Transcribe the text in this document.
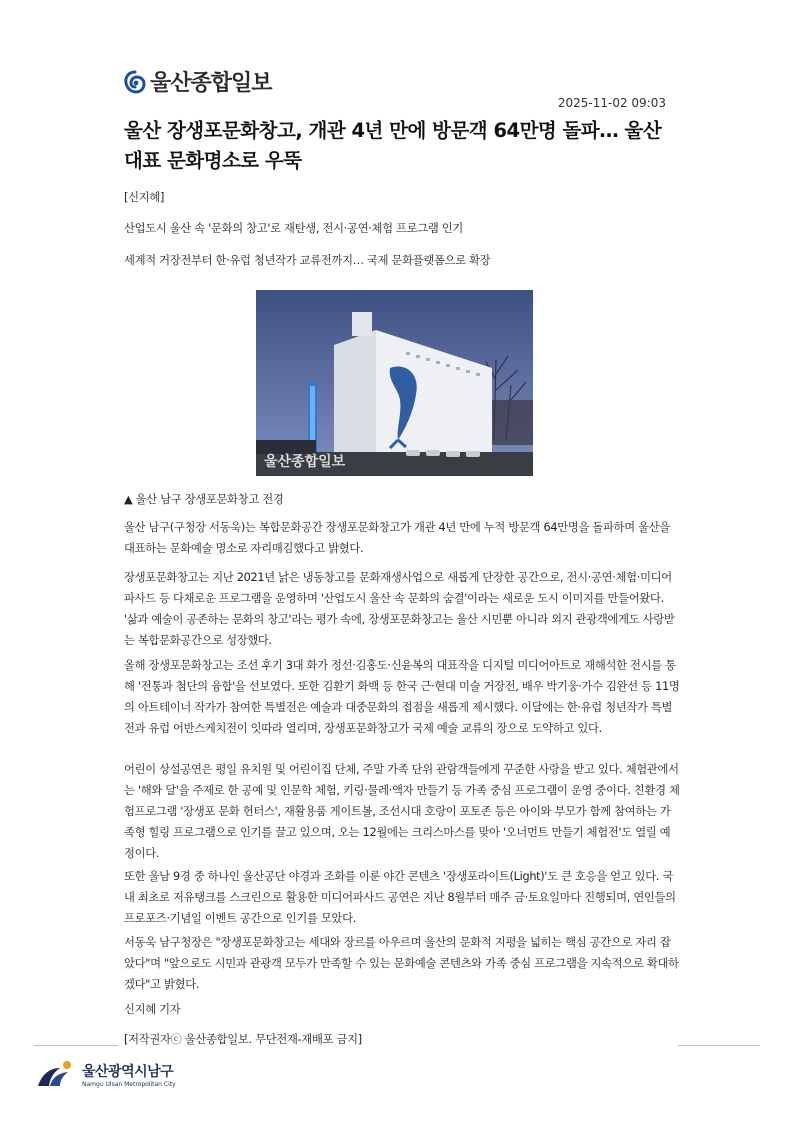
울산종합일보
2025-11-02 09:03
울산 장생포문화창고, 개관 4년 만에 방문객 64만명 돌파… 울산 대표 문화명소로 우뚝

[신지혜]

산업도시 울산 속 '문화의 창고'로 재탄생, 전시·공연·체험 프로그램 인기

세계적 거장전부터 한·유럽 청년작가 교류전까지… 국제 문화플랫폼으로 확장

울산종합일보

▲ 울산 남구 장생포문화창고 전경

울산 남구(구청장 서동욱)는 복합문화공간 장생포문화창고가 개관 4년 만에 누적 방문객 64만명을 돌파하며 울산을 대표하는 문화예술 명소로 자리매김했다고 밝혔다.

장생포문화창고는 지난 2021년 낡은 냉동창고를 문화재생사업으로 새롭게 단장한 공간으로, 전시·공연·체험·미디어파사드 등 다채로운 프로그램을 운영하며 '산업도시 울산 속 문화의 숨결'이라는 새로운 도시 이미지를 만들어왔다. '삶과 예술이 공존하는 문화의 창고'라는 평가 속에, 장생포문화창고는 울산 시민뿐 아니라 외지 관광객에게도 사랑받는 복합문화공간으로 성장했다.

올해 장생포문화창고는 조선 후기 3대 화가 정선·김홍도·신윤복의 대표작을 디지털 미디어아트로 재해석한 전시를 통해 '전통과 첨단의 융합'을 선보였다. 또한 김환기 화백 등 한국 근·현대 미술 거장전, 배우 박기웅·가수 김완선 등 11명의 아트테이너 작가가 참여한 특별전은 예술과 대중문화의 접점을 새롭게 제시했다. 이달에는 한·유럽 청년작가 특별전과 유럽 어반스케치전이 잇따라 열리며, 장생포문화창고가 국제 예술 교류의 장으로 도약하고 있다.

어린이 상설공연은 평일 유치원 및 어린이집 단체, 주말 가족 단위 관람객들에게 꾸준한 사랑을 받고 있다. 체험관에서는 '해와 달'을 주제로 한 공예 및 인문학 체험, 키링·물레·액자 만들기 등 가족 중심 프로그램이 운영 중이다. 친환경 체험프로그램 '장생포 문화 헌터스', 재활용품 게이트볼, 조선시대 호랑이 포토존 등은 아이와 부모가 함께 참여하는 가족형 힐링 프로그램으로 인기를 끌고 있으며, 오는 12월에는 크리스마스를 맞아 '오너먼트 만들기 체험전'도 열릴 예정이다.

또한 울남 9경 중 하나인 울산공단 야경과 조화를 이룬 야간 콘텐츠 '장생포라이트(Light)'도 큰 호응을 얻고 있다. 국내 최초로 저유탱크를 스크린으로 활용한 미디어파사드 공연은 지난 8월부터 매주 금·토요일마다 진행되며, 연인들의 프로포즈·기념일 이벤트 공간으로 인기를 모았다.

서동욱 남구청장은 "장생포문화창고는 세대와 장르를 아우르며 울산의 문화적 지평을 넓히는 핵심 공간으로 자리 잡았다"며 "앞으로도 시민과 관광객 모두가 만족할 수 있는 문화예술 콘텐츠와 가족 중심 프로그램을 지속적으로 확대하겠다"고 밝혔다.

신지혜 기자

[저작권자ⓒ 울산종합일보. 무단전재-재배포 금지]

울산광역시남구
Namgu Ulsan Metropolitan City
